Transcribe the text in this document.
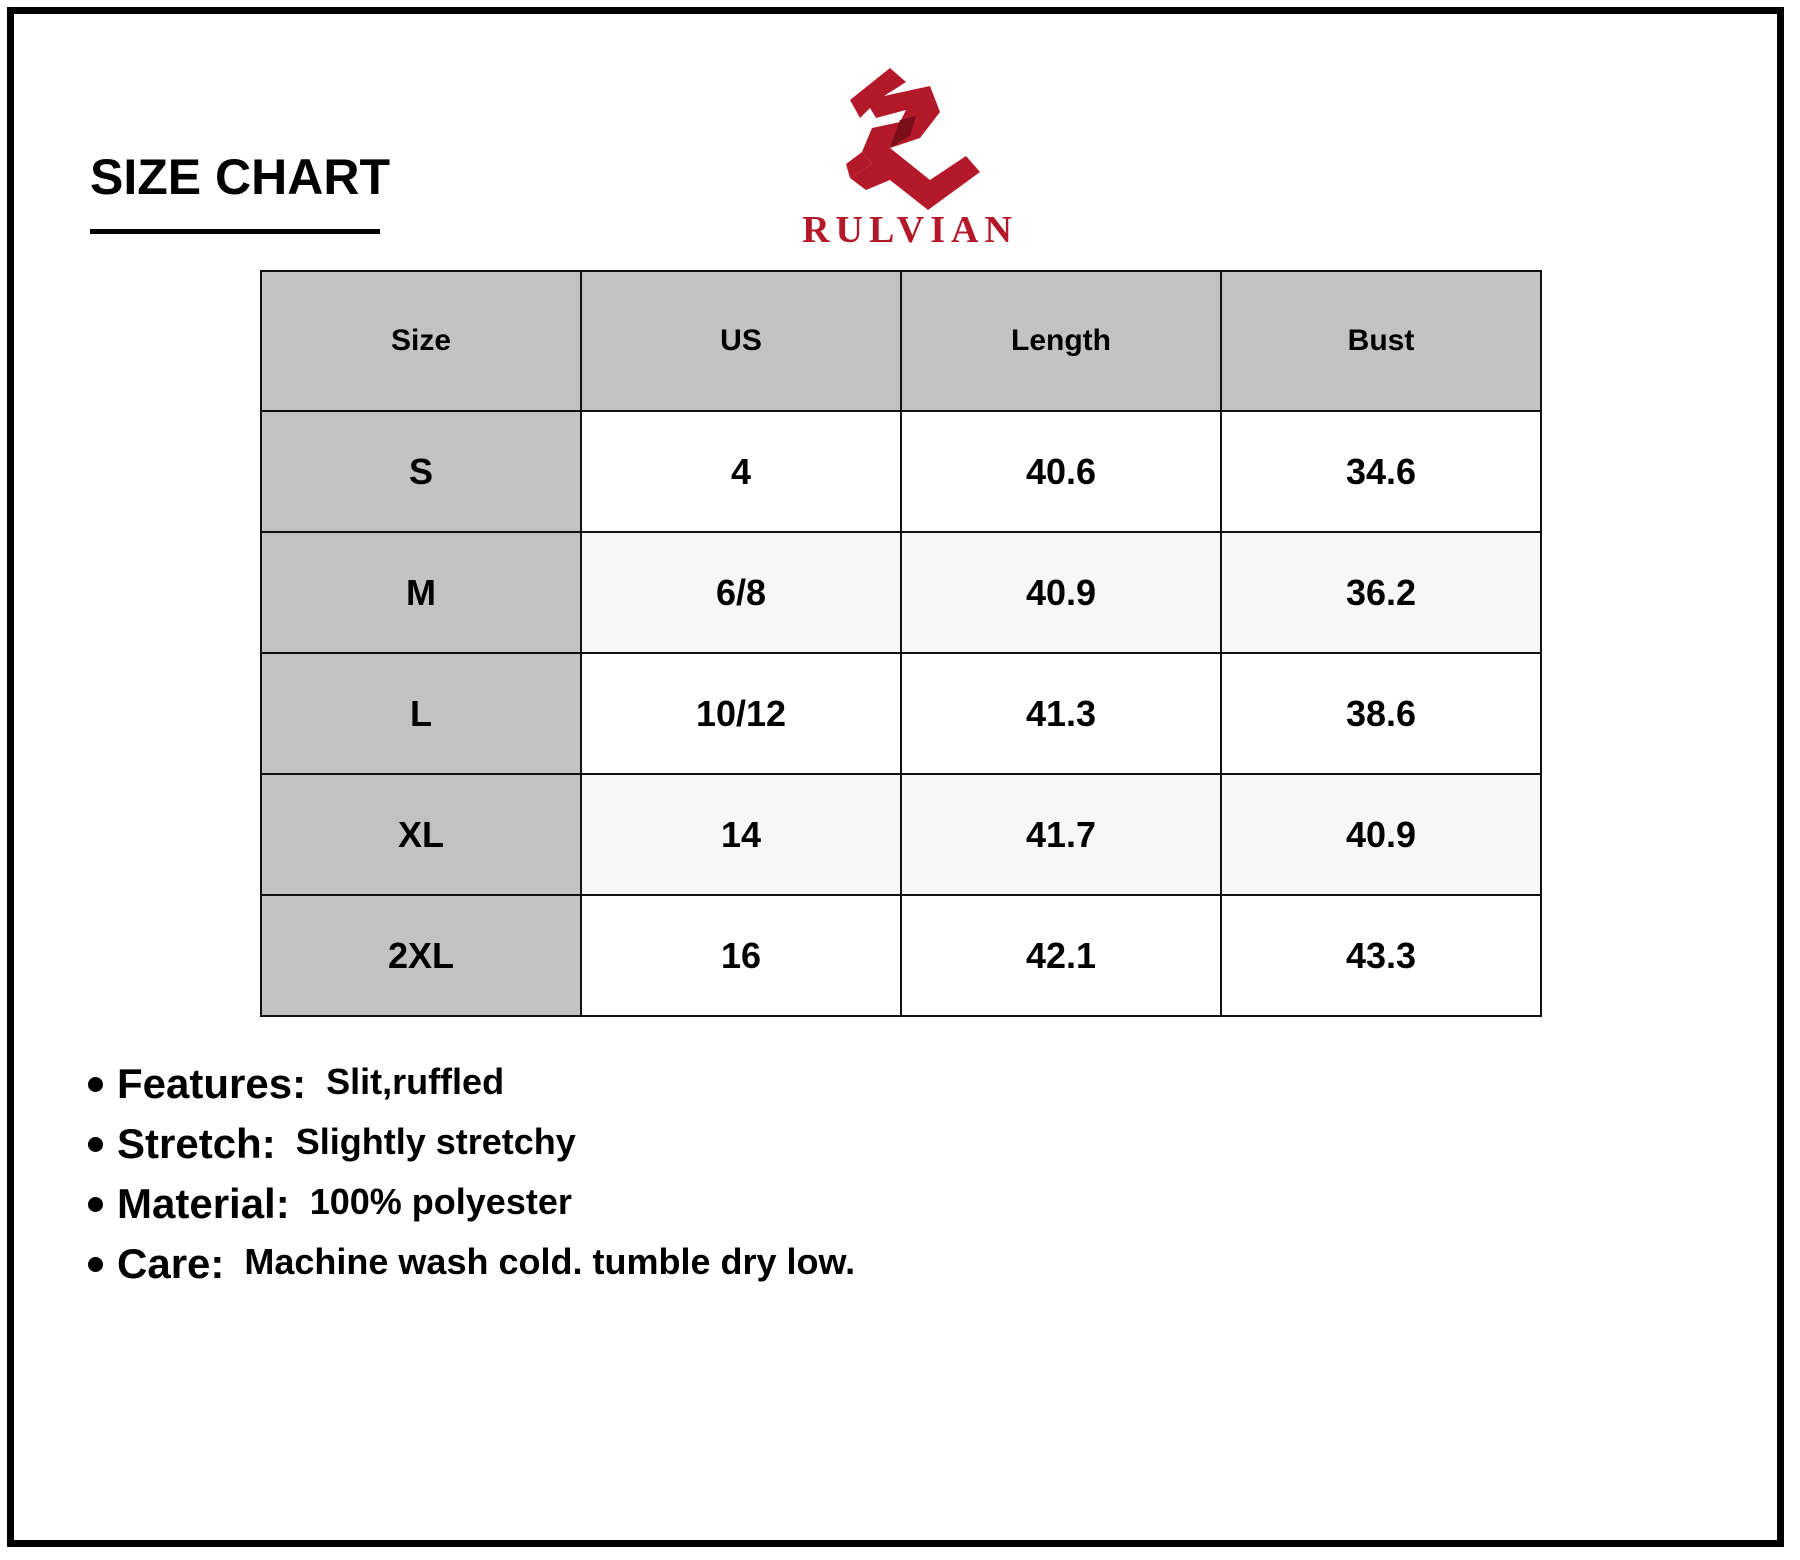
SIZE CHART
RULVIAN
Size	US	Length	Bust
S	4	40.6	34.6
M	6/8	40.9	36.2
L	10/12	41.3	38.6
XL	14	41.7	40.9
2XL	16	42.1	43.3
Features: Slit,ruffled
Stretch: Slightly stretchy
Material: 100% polyester
Care: Machine wash cold. tumble dry low.
